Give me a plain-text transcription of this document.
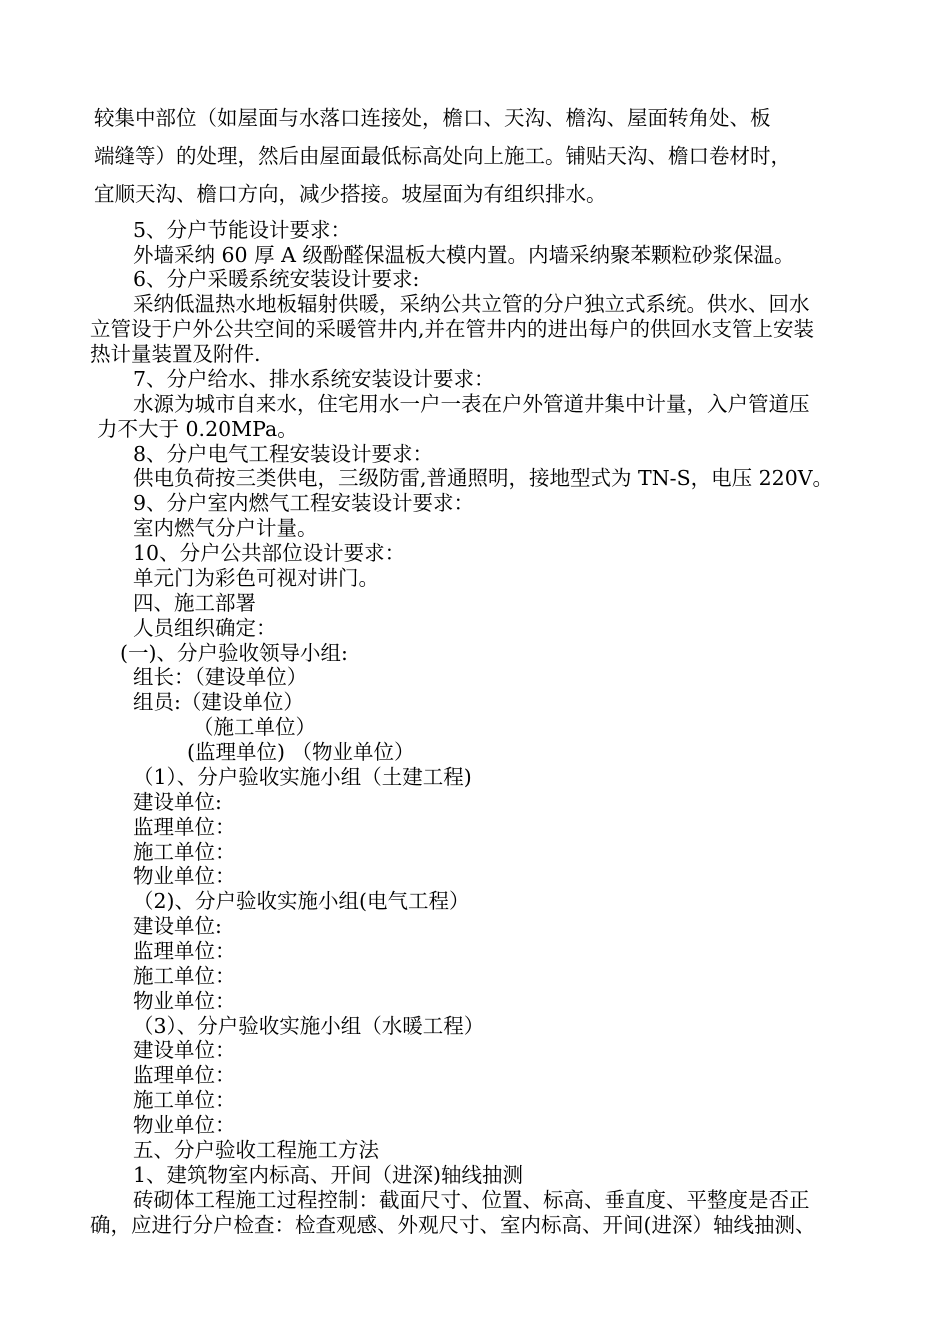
较集中部位（如屋面与水落口连接处，檐口、天沟、檐沟、屋面转角处、板
端缝等）的处理，然后由屋面最低标高处向上施工。铺贴天沟、檐口卷材时，
宜顺天沟、檐口方向，减少搭接。坡屋面为有组织排水。
5、分户节能设计要求：
外墙采纳 60 厚 A 级酚醛保温板大模内置。内墙采纳聚苯颗粒砂浆保温。
6、分户采暖系统安装设计要求:
采纳低温热水地板辐射供暖，采纳公共立管的分户独立式系统。供水、回水
立管设于户外公共空间的采暖管井内,并在管井内的进出每户的供回水支管上安装
热计量装置及附件.
7、分户给水、排水系统安装设计要求：
水源为城市自来水，住宅用水一户一表在户外管道井集中计量，入户管道压
力不大于 0.20MPa。
8、分户电气工程安装设计要求：
供电负荷按三类供电，三级防雷,普通照明，接地型式为 TN-S，电压 220V。
9、分户室内燃气工程安装设计要求：
室内燃气分户计量。
10、分户公共部位设计要求：
单元门为彩色可视对讲门。
四、施工部署
人员组织确定：
(一)、分户验收领导小组:
组长：（建设单位）
组员:（建设单位）
（施工单位）
(监理单位) （物业单位）
（1）、分户验收实施小组（土建工程)
建设单位:
监理单位：
施工单位：
物业单位：
（2)、分户验收实施小组(电气工程）
建设单位:
监理单位：
施工单位：
物业单位：
（3）、分户验收实施小组（水暖工程）
建设单位：
监理单位：
施工单位：
物业单位：
五、分户验收工程施工方法
1、建筑物室内标高、开间（进深)轴线抽测
砖砌体工程施工过程控制：截面尺寸、位置、标高、垂直度、平整度是否正
确，应进行分户检查：检查观感、外观尺寸、室内标高、开间(进深）轴线抽测、
